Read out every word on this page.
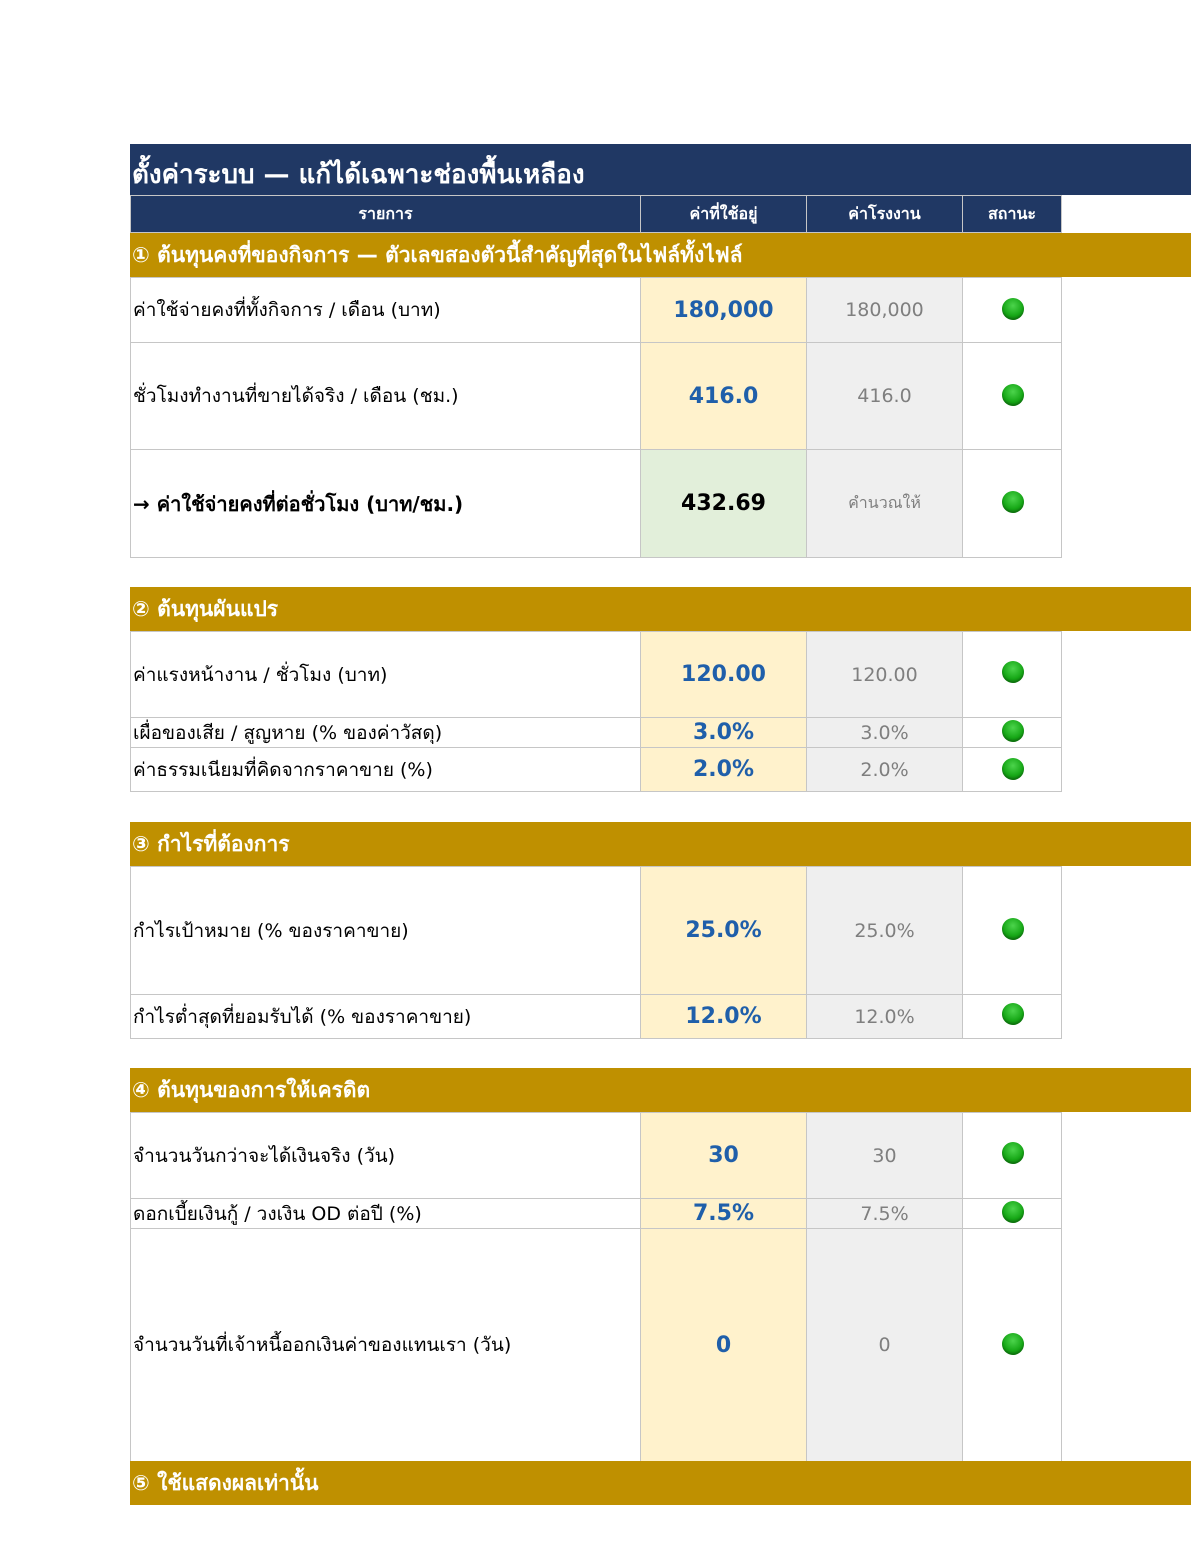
ตั้งค่าระบบ — แก้ได้เฉพาะช่องพื้นเหลือง
รายการ	ค่าที่ใช้อยู่	ค่าโรงงาน	สถานะ
① ต้นทุนคงที่ของกิจการ — ตัวเลขสองตัวนี้สำคัญที่สุดในไฟล์ทั้งไฟล์
ค่าใช้จ่ายคงที่ทั้งกิจการ / เดือน (บาท)	180,000	180,000
ชั่วโมงทำงานที่ขายได้จริง / เดือน (ชม.)	416.0	416.0
→ ค่าใช้จ่ายคงที่ต่อชั่วโมง (บาท/ชม.)	432.69	คำนวณให้
② ต้นทุนผันแปร
ค่าแรงหน้างาน / ชั่วโมง (บาท)	120.00	120.00
เผื่อของเสีย / สูญหาย (% ของค่าวัสดุ)	3.0%	3.0%
ค่าธรรมเนียมที่คิดจากราคาขาย (%)	2.0%	2.0%
③ กำไรที่ต้องการ
กำไรเป้าหมาย (% ของราคาขาย)	25.0%	25.0%
กำไรต่ำสุดที่ยอมรับได้ (% ของราคาขาย)	12.0%	12.0%
④ ต้นทุนของการให้เครดิต
จำนวนวันกว่าจะได้เงินจริง (วัน)	30	30
ดอกเบี้ยเงินกู้ / วงเงิน OD ต่อปี (%)	7.5%	7.5%
จำนวนวันที่เจ้าหนี้ออกเงินค่าของแทนเรา (วัน)	0	0
⑤ ใช้แสดงผลเท่านั้น
